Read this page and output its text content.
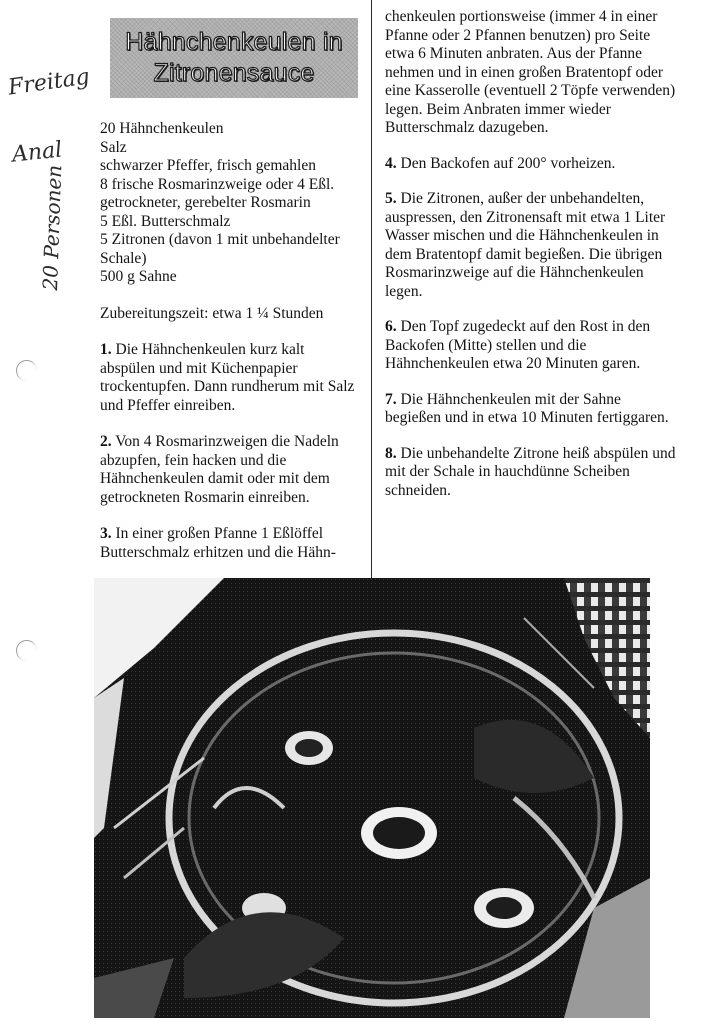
Hähnchenkeulen in
Zitronensauce
Freitag
Anal
20 Personen
20 Hähnchenkeulen
Salz
schwarzer Pfeffer, frisch gemahlen
8 frische Rosmarinzweige oder 4 Eßl.
getrockneter, gerebelter Rosmarin
5 Eßl. Butterschmalz
5 Zitronen (davon 1 mit unbehandelter
Schale)
500 g Sahne
Zubereitungszeit: etwa 1 ¼ Stunden
1. Die Hähnchenkeulen kurz kalt abspülen und mit Küchenpapier trockentupfen. Dann rundherum mit Salz und Pfeffer einreiben.
2. Von 4 Rosmarinzweigen die Nadeln abzupfen, fein hacken und die Hähnchenkeulen damit oder mit dem getrockneten Rosmarin einreiben.
3. In einer großen Pfanne 1 Eßlöffel Butterschmalz erhitzen und die Hähn-
chenkeulen portionsweise (immer 4 in einer Pfanne oder 2 Pfannen benutzen) pro Seite etwa 6 Minuten anbraten. Aus der Pfanne nehmen und in einen großen Bratentopf oder eine Kasserolle (eventuell 2 Töpfe verwenden) legen. Beim Anbraten immer wieder Butterschmalz dazugeben.
4. Den Backofen auf 200° vorheizen.
5. Die Zitronen, außer der unbehandelten, auspressen, den Zitronensaft mit etwa 1 Liter Wasser mischen und die Hähnchenkeulen in dem Bratentopf damit begießen. Die übrigen Rosmarinzweige auf die Hähnchenkeulen legen.
6. Den Topf zugedeckt auf den Rost in den Backofen (Mitte) stellen und die Hähnchenkeulen etwa 20 Minuten garen.
7. Die Hähnchenkeulen mit der Sahne begießen und in etwa 10 Minuten fertiggaren.
8. Die unbehandelte Zitrone heiß abspülen und mit der Schale in hauchdünne Scheiben schneiden.
